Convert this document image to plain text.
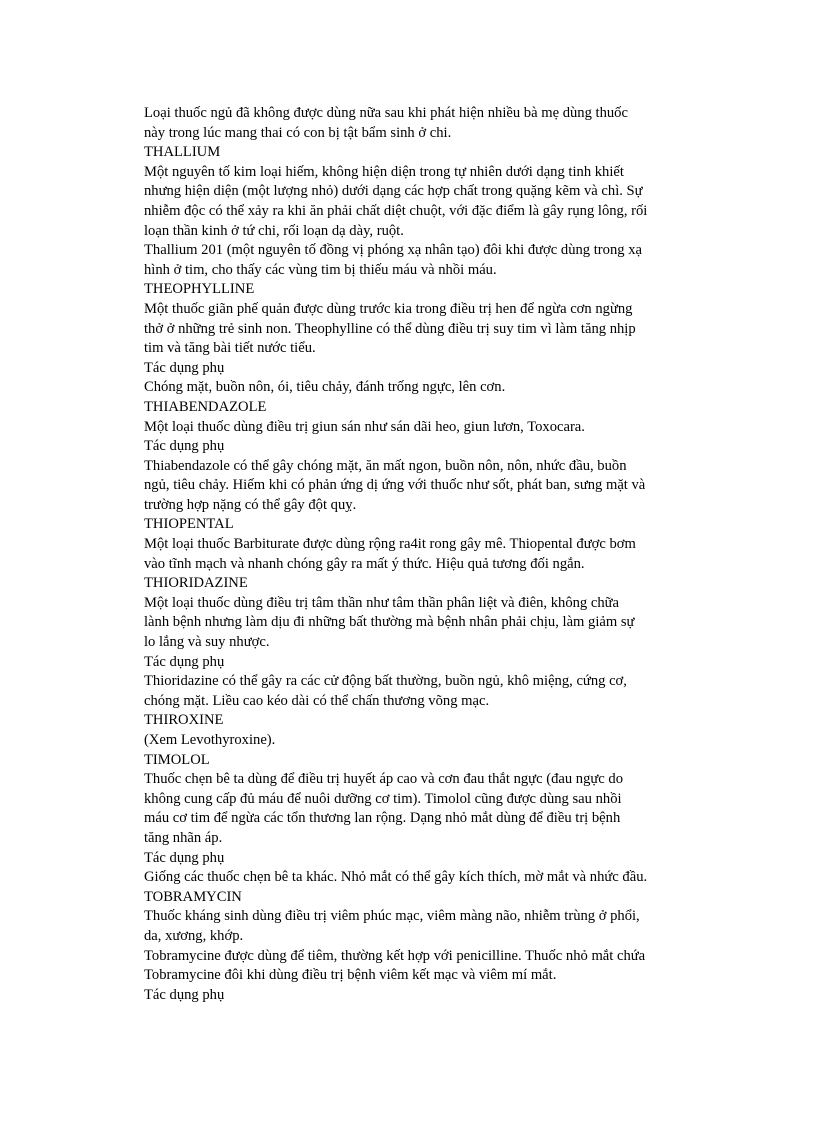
Loại thuốc ngủ đã không được dùng nữa sau khi phát hiện nhiều bà mẹ dùng thuốc

này trong lúc mang thai có con bị tật bẩm sinh ở chi.

THALLIUM

Một nguyên tố kim loại hiếm, không hiện diện trong tự nhiên dưới dạng tinh khiết

nhưng hiện diện (một lượng nhỏ) dưới dạng các hợp chất trong quặng kẽm và chì. Sự

nhiễm độc có thể xảy ra khi ăn phải chất diệt chuột, với đặc điểm là gây rụng lông, rối

loạn thần kinh ở tứ chi, rối loạn dạ dày, ruột.

Thallium 201 (một nguyên tố đồng vị phóng xạ nhân tạo) đôi khi được dùng trong xạ

hình ở tim, cho thấy các vùng tim bị thiếu máu và nhồi máu.

THEOPHYLLINE

Một thuốc giãn phế quản được dùng trước kia trong điều trị hen để ngừa cơn ngừng

thở ở những trẻ sinh non. Theophylline có thể dùng điều trị suy tim vì làm tăng nhịp

tim và tăng bài tiết nước tiểu.

Tác dụng phụ

Chóng mặt, buồn nôn, ói, tiêu chảy, đánh trống ngực, lên cơn.

THIABENDAZOLE

Một loại thuốc dùng điều trị giun sán như sán dãi heo, giun lươn, Toxocara.

Tác dụng phụ

Thiabendazole có thể gây chóng mặt, ăn mất ngon, buồn nôn, nôn, nhức đầu, buồn

ngủ, tiêu chảy. Hiếm khi có phản ứng dị ứng với thuốc như sốt, phát ban, sưng mặt và

trường hợp nặng có thể gây đột quỵ.

THIOPENTAL

Một loại thuốc Barbiturate được dùng rộng ra4it rong gây mê. Thiopental được bơm

vào tĩnh mạch và nhanh chóng gây ra mất ý thức. Hiệu quả tương đối ngắn.

THIORIDAZINE

Một loại thuốc dùng điều trị tâm thần như tâm thần phân liệt và điên, không chữa

lành bệnh nhưng làm dịu đi những bất thường mà bệnh nhân phải chịu, làm giảm sự

lo lắng và suy nhược.

Tác dụng phụ

Thioridazine có thể gây ra các cử động bất thường, buồn ngủ, khô miệng, cứng cơ,

chóng mặt. Liều cao kéo dài có thể chấn thương võng mạc.

THIROXINE

(Xem Levothyroxine).

TIMOLOL

Thuốc chẹn bê ta dùng để điều trị huyết áp cao và cơn đau thắt ngực (đau ngực do

không cung cấp đủ máu để nuôi dưỡng cơ tim). Timolol cũng được dùng sau nhồi

máu cơ tim để ngừa các tổn thương lan rộng. Dạng nhỏ mắt dùng để điều trị bệnh

tăng nhãn áp.

Tác dụng phụ

Giống các thuốc chẹn bê ta khác. Nhỏ mắt có thể gây kích thích, mờ mắt và nhức đầu.

TOBRAMYCIN

Thuốc kháng sinh dùng điều trị viêm phúc mạc, viêm màng não, nhiễm trùng ở phổi,

da, xương, khớp.

Tobramycine được dùng để tiêm, thường kết hợp với penicilline. Thuốc nhỏ mắt chứa

Tobramycine đôi khi dùng điều trị bệnh viêm kết mạc và viêm mí mắt.

Tác dụng phụ
